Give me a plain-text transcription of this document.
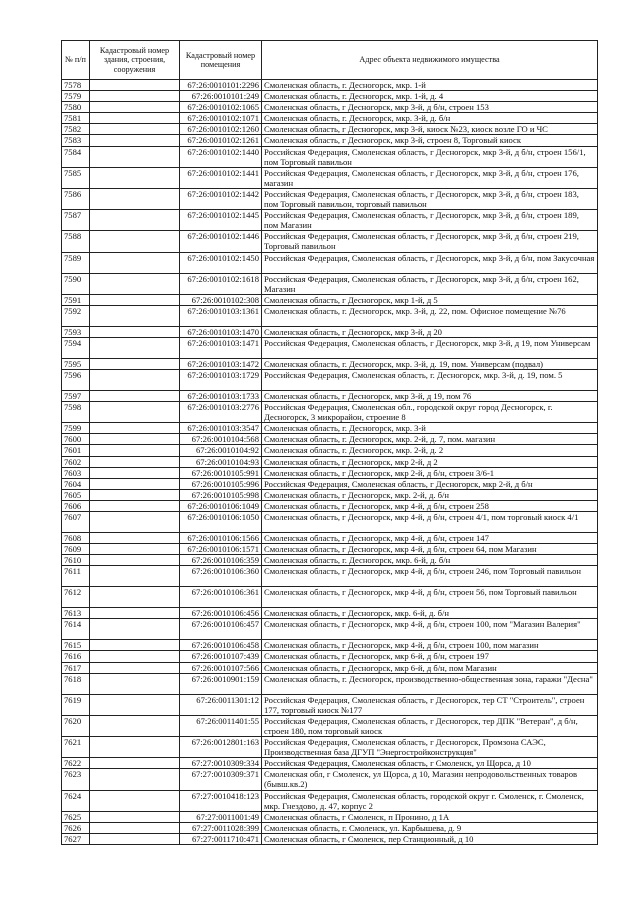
№ п/п	Кадастровый номер здания, строения, сооружения	Кадастровый номер помещения	Адрес объекта недвижимого имущества
7578		67:26:0010101:2296	Смоленская область, г. Десногорск, мкр. 1-й
7579		67:26:0010101:249	Смоленская область, г. Десногорск, мкр. 1-й, д. 4
7580		67:26:0010102:1065	Смоленская область, г Десногорск, мкр 3-й, д б/н, строен 153
7581		67:26:0010102:1071	Смоленская область, г. Десногорск, мкр. 3-й, д. б/н
7582		67:26:0010102:1260	Смоленская область, г Десногорск, мкр 3-й, киоск №23, киоск возле ГО и ЧС
7583		67:26:0010102:1261	Смоленская область, г Десногорск, мкр 3-й, строен 8, Торговый киоск
7584		67:26:0010102:1440	Российская Федерация, Смоленская область, г Десногорск, мкр 3-й, д б/н, строен 156/1, пом Торговый павильон
7585		67:26:0010102:1441	Российская Федерация, Смоленская область, г Десногорск, мкр 3-й, д б/н, строен 176, магазин
7586		67:26:0010102:1442	Российская Федерация, Смоленская область, г Десногорск, мкр 3-й, д б/н, строен 183, пом Торговый павильон, торговый павильон
7587		67:26:0010102:1445	Российская Федерация, Смоленская область, г Десногорск, мкр 3-й, д б/н, строен 189, пом Магазин
7588		67:26:0010102:1446	Российская Федерация, Смоленская область, г Десногорск, мкр 3-й, д б/н, строен 219, Торговый павильон
7589		67:26:0010102:1450	Российская Федерация, Смоленская область, г Десногорск, мкр 3-й, д б/н, пом Закусочная
7590		67:26:0010102:1618	Российская Федерация, Смоленская область, г Десногорск, мкр 3-й, д б/н, строен 162, Магазин
7591		67:26:0010102:308	Смоленская область, г Десногорск, мкр 1-й, д 5
7592		67:26:0010103:1361	Смоленская область, г. Десногорск, мкр. 3-й, д. 22, пом. Офисное помещение №76
7593		67:26:0010103:1470	Смоленская область, г Десногорск, мкр 3-й, д 20
7594		67:26:0010103:1471	Российская Федерация, Смоленская область, г Десногорск, мкр 3-й, д 19, пом Универсам
7595		67:26:0010103:1472	Смоленская область, г. Десногорск, мкр. 3-й, д. 19, пом. Универсам (подвал)
7596		67:26:0010103:1729	Российская Федерация, Смоленская область, г. Десногорск, мкр. 3-й, д. 19, пом. 5
7597		67:26:0010103:1733	Смоленская область, г Десногорск, мкр 3-й, д 19, пом 76
7598		67:26:0010103:2776	Российская Федерация, Смоленская обл., городской округ город Десногорск, г. Десногорск, 3 микрорайон, строение 8
7599		67:26:0010103:3547	Смоленская область, г. Десногорск, мкр. 3-й
7600		67:26:0010104:568	Смоленская область, г. Десногорск, мкр. 2-й, д. 7, пом. магазин
7601		67:26:0010104:92	Смоленская область, г. Десногорск, мкр. 2-й, д. 2
7602		67:26:0010104:93	Смоленская область, г Десногорск, мкр 2-й, д 2
7603		67:26:0010105:991	Смоленская область, г Десногорск, мкр 2-й, д б/н, строен 3/6-1
7604		67:26:0010105:996	Российская Федерация, Смоленская область, г Десногорск, мкр 2-й, д б/н
7605		67:26:0010105:998	Смоленская область, г Десногорск, мкр. 2-й, д. б/н
7606		67:26:0010106:1049	Смоленская область, г Десногорск, мкр 4-й, д б/н, строен 258
7607		67:26:0010106:1050	Смоленская область, г Десногорск, мкр 4-й, д б/н, строен 4/1, пом торговый киоск 4/1
7608		67:26:0010106:1566	Смоленская область, г Десногорск, мкр 4-й, д б/н, строен 147
7609		67:26:0010106:1571	Смоленская область, г Десногорск, мкр 4-й, д б/н, строен 64, пом Магазин
7610		67:26:0010106:359	Смоленская область, г. Десногорск, мкр. 6-й, д. б/н
7611		67:26:0010106:360	Смоленская область, г Десногорск, мкр 4-й, д б/н, строен 246, пом Торговый павильон
7612		67:26:0010106:361	Смоленская область, г Десногорск, мкр 4-й, д б/н, строен 56, пом Торговый павильон
7613		67:26:0010106:456	Смоленская область, г Десногорск, мкр. 6-й, д. б/н
7614		67:26:0010106:457	Смоленская область, г Десногорск, мкр 4-й, д б/н, строен 100, пом "Магазин Валерия"
7615		67:26:0010106:458	Смоленская область, г Десногорск, мкр 4-й, д б/н, строен 100, пом магазин
7616		67:26:0010107:439	Смоленская область, г Десногорск, мкр 6-й, д б/н, строен 197
7617		67:26:0010107:566	Смоленская область, г Десногорск, мкр 6-й, д б/н, пом Магазин
7618		67:26:0010901:159	Смоленская область, г. Десногорск, производственно-общественная зона, гаражи "Десна"
7619		67:26:0011301:12	Российская Федерация, Смоленская область, г Десногорск, тер СТ "Строитель", строен 177, торговый киоск №177
7620		67:26:0011401:55	Российская Федерация, Смоленская область, г Десногорск, тер ДПК "Ветеран", д б/н, строен 180, пом торговый киоск
7621		67:26:0012801:163	Российская Федерация, Смоленская область, г Десногорск, Промзона САЭС, Производственная база ДГУП "Энергостройконструкция"
7622		67:27:0010309:334	Российская Федерация, Смоленская область, г Смоленск, ул Щорса, д 10
7623		67:27:0010309:371	Смоленская обл, г Смоленск, ул Щорса, д 10, Магазин непродовольственных товаров (бывш.кв.2)
7624		67:27:0010418:123	Российская Федерация, Смоленская область, городской округ г. Смоленск, г. Смоленск, мкр. Гнездово, д. 47, корпус 2
7625		67:27:0011001:49	Смоленская область, г Смоленск, п Пронино, д 1А
7626		67:27:0011028:399	Смоленская область, г. Смоленск, ул. Карбышева, д. 9
7627		67:27:0011710:471	Смоленская область, г Смоленск, пер Станционный, д 10
